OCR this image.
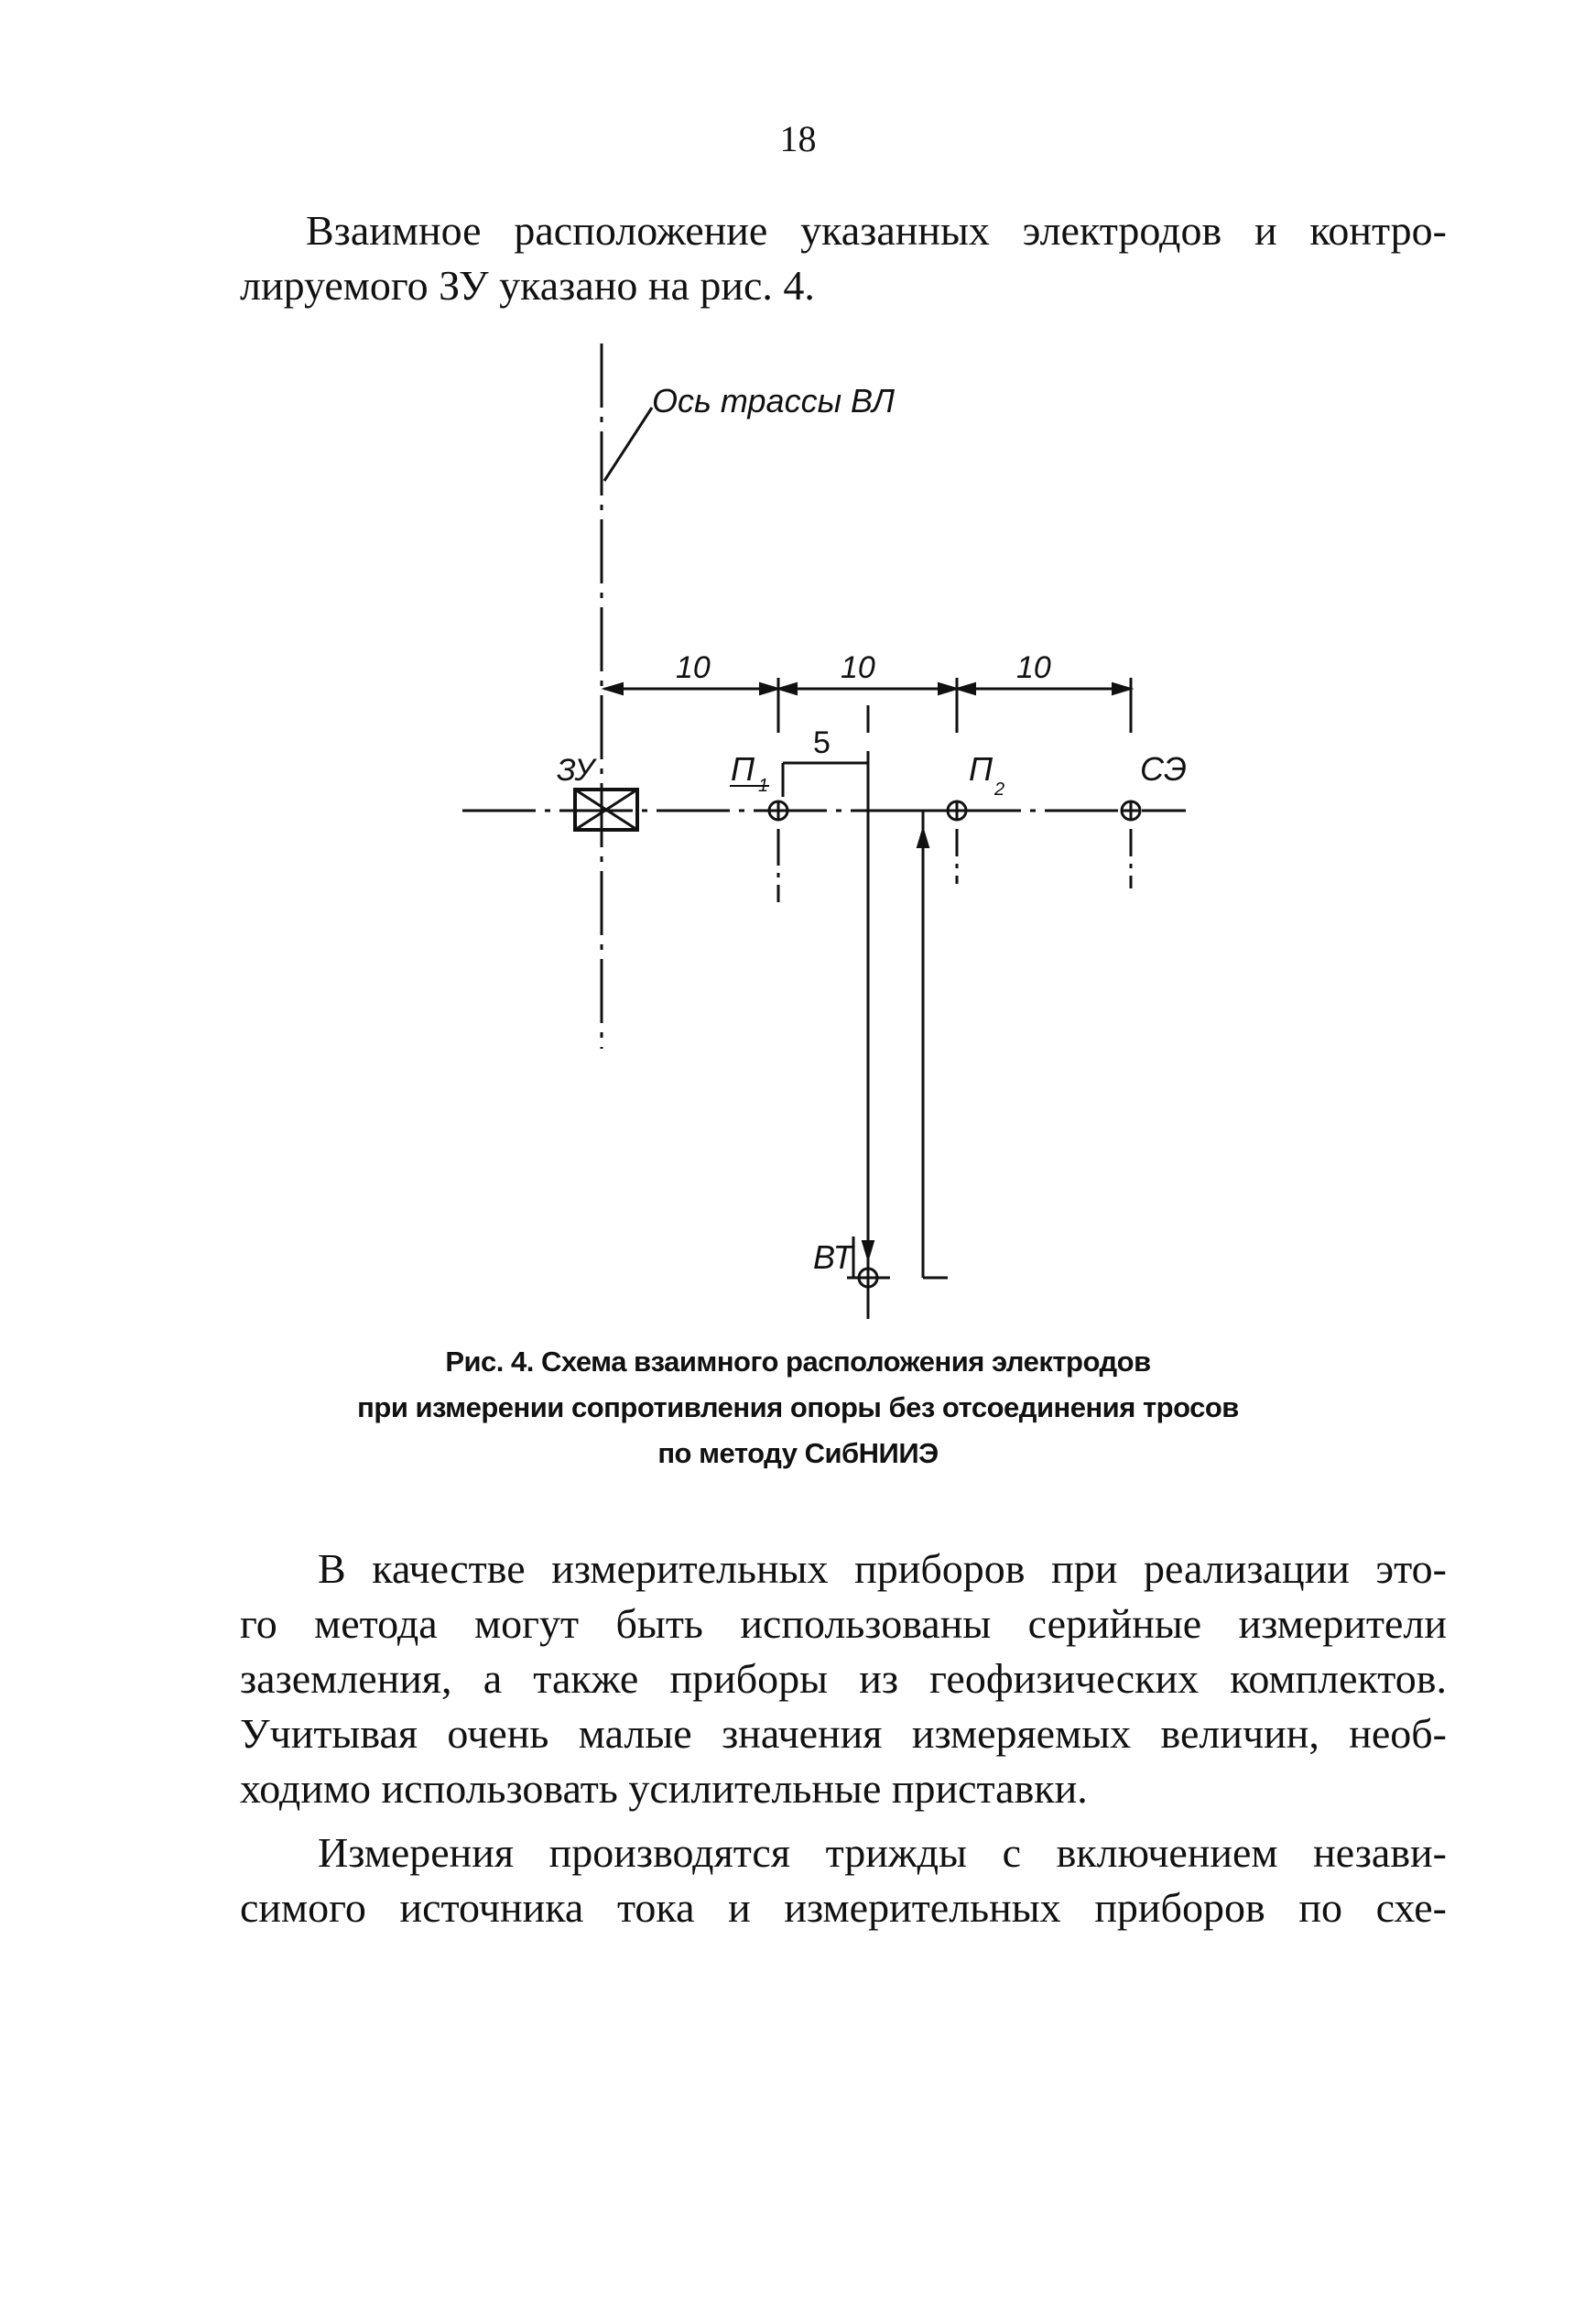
18
Взаимное расположение указанных электродов и контро-
лируемого ЗУ указано на рис. 4.
Ось трассы ВЛ
10	10	10
5
ЗУ	П 1	П
2
СЭ
ВТ
Рис. 4. Схема взаимного расположения электродов
при измерении сопротивления опоры без отсоединения тросов
по методу СибНИИЭ
В качестве измерительных приборов при реализации это-
го метода могут быть использованы серийные измерители
заземления, а также приборы из геофизических комплектов.
Учитывая очень малые значения измеряемых величин, необ-
ходимо использовать усилительные приставки.
Измерения производятся трижды с включением незави-
симого источника тока и измерительных приборов по схе-
